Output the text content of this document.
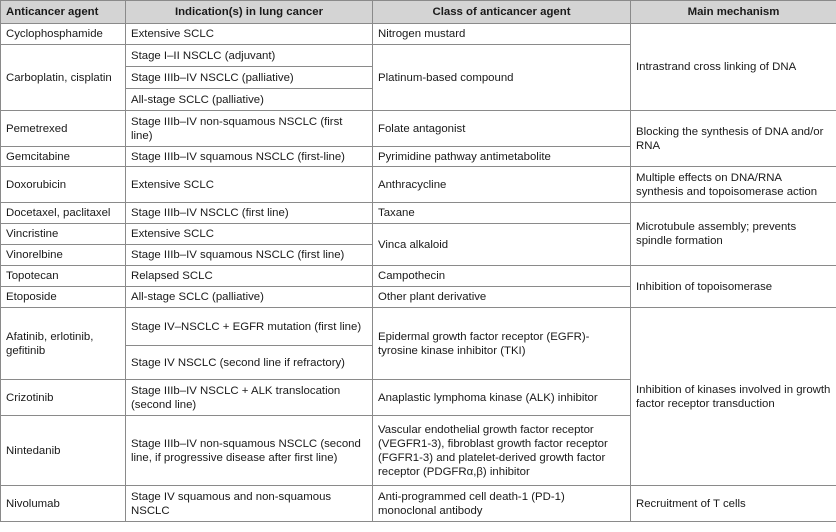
Anticancer agent	Indication(s) in lung cancer	Class of anticancer agent	Main mechanism
Cyclophosphamide	Extensive SCLC	Nitrogen mustard	Intrastrand cross linking of DNA
Carboplatin, cisplatin	Stage I–II NSCLC (adjuvant)	Platinum-based compound	
	Stage IIIb–IV NSCLC (palliative)		
	All-stage SCLC (palliative)		
Pemetrexed	Stage IIIb–IV non-squamous NSCLC (first line)	Folate antagonist	Blocking the synthesis of DNA and/or RNA
Gemcitabine	Stage IIIb–IV squamous NSCLC (first-line)	Pyrimidine pathway antimetabolite	
Doxorubicin	Extensive SCLC	Anthracycline	Multiple effects on DNA/RNA synthesis and topoisomerase action
Docetaxel, paclitaxel	Stage IIIb–IV NSCLC (first line)	Taxane	Microtubule assembly; prevents spindle formation
Vincristine	Extensive SCLC	Vinca alkaloid	
Vinorelbine	Stage IIIb–IV squamous NSCLC (first line)		
Topotecan	Relapsed SCLC	Campothecin	Inhibition of topoisomerase
Etoposide	All-stage SCLC (palliative)	Other plant derivative	
Afatinib, erlotinib, gefitinib	Stage IV–NSCLC + EGFR mutation (first line)	Epidermal growth factor receptor (EGFR)-tyrosine kinase inhibitor (TKI)	Inhibition of kinases involved in growth factor receptor transduction
	Stage IV NSCLC (second line if refractory)		
Crizotinib	Stage IIIb–IV NSCLC + ALK translocation (second line)	Anaplastic lymphoma kinase (ALK) inhibitor	
Nintedanib	Stage IIIb–IV non-squamous NSCLC (second line, if progressive disease after first line)	Vascular endothelial growth factor receptor (VEGFR1-3), fibroblast growth factor receptor (FGFR1-3) and platelet-derived growth factor receptor (PDGFRα,β) inhibitor	
Nivolumab	Stage IV squamous and non-squamous NSCLC	Anti-programmed cell death-1 (PD-1) monoclonal antibody	Recruitment of T cells
